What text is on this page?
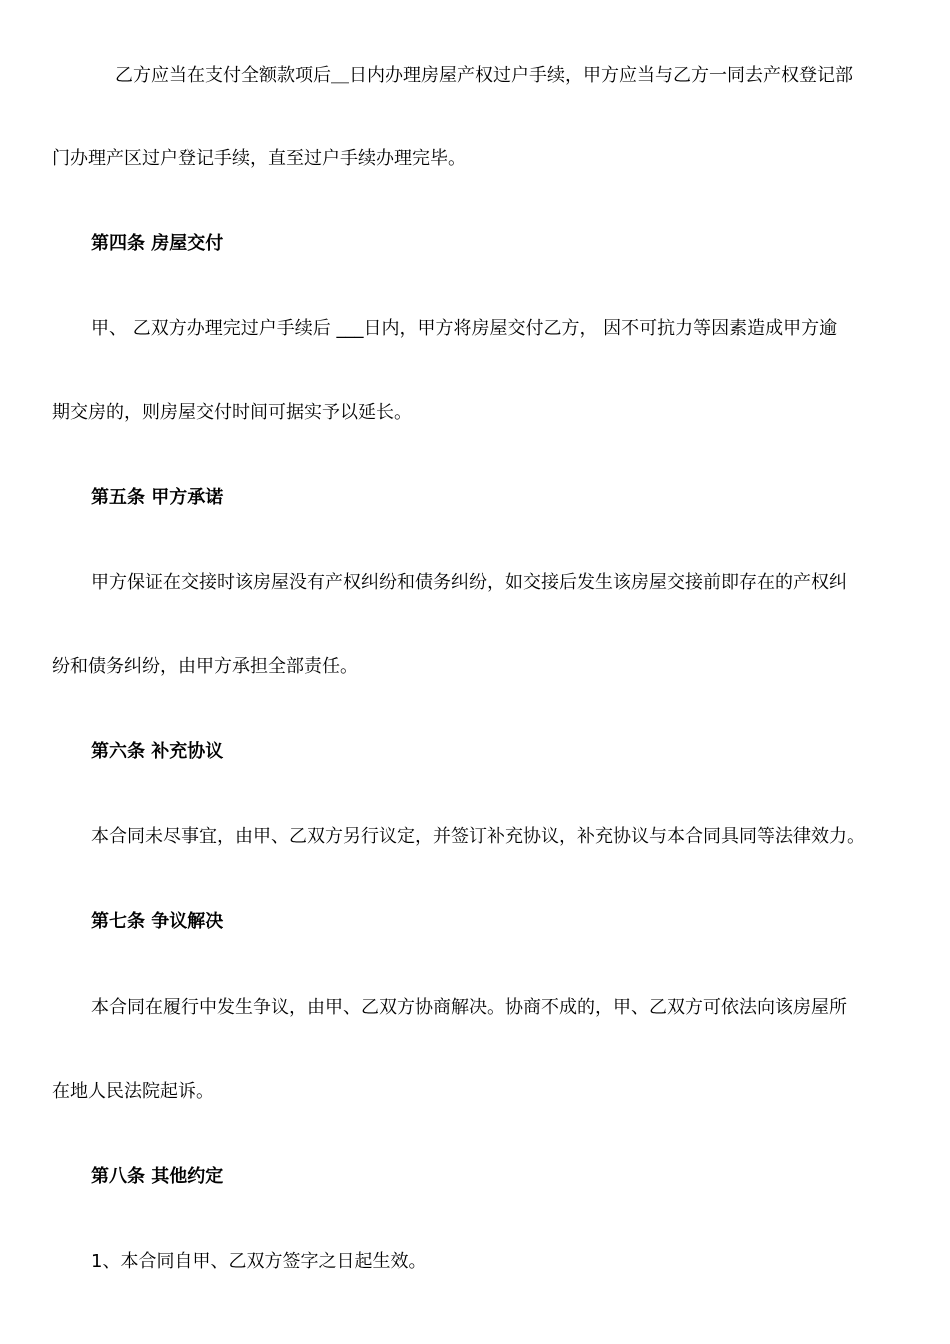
乙方应当在支付全额款项后＿日内办理房屋产权过户手续，甲方应当与乙方一同去产权登记部
门办理产区过户登记手续，直至过户手续办理完毕。
第四条 房屋交付
甲、 乙双方办理完过户手续后 ___日内，甲方将房屋交付乙方， 因不可抗力等因素造成甲方逾
期交房的，则房屋交付时间可据实予以延长。
第五条 甲方承诺
甲方保证在交接时该房屋没有产权纠纷和债务纠纷，如交接后发生该房屋交接前即存在的产权纠
纷和债务纠纷，由甲方承担全部责任。
第六条 补充协议
本合同未尽事宜，由甲、乙双方另行议定，并签订补充协议，补充协议与本合同具同等法律效力。
第七条 争议解决
本合同在履行中发生争议，由甲、乙双方协商解决。协商不成的，甲、乙双方可依法向该房屋所
在地人民法院起诉。
第八条 其他约定
1、本合同自甲、乙双方签字之日起生效。
